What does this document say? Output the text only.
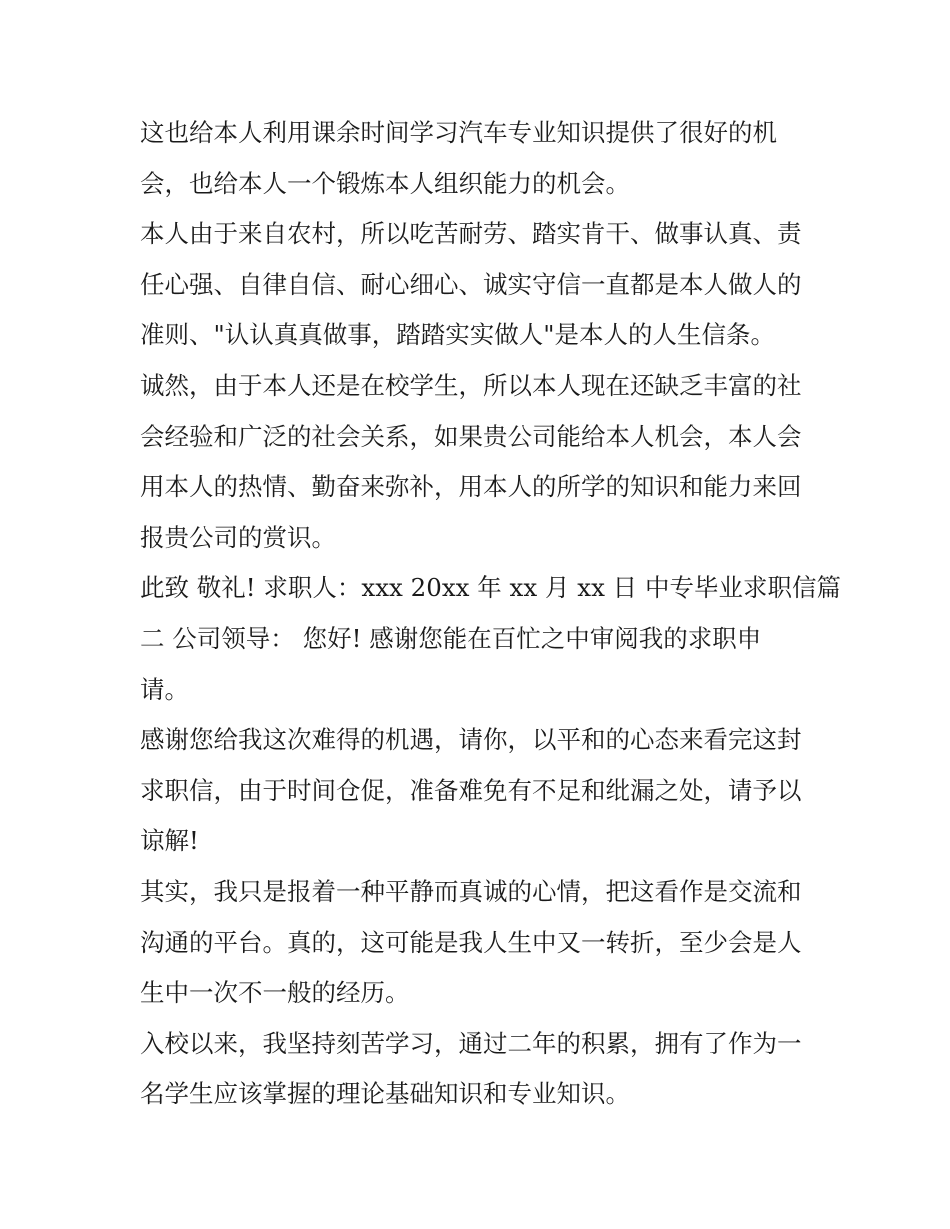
这也给本人利用课余时间学习汽车专业知识提供了很好的机
会，也给本人一个锻炼本人组织能力的机会。
本人由于来自农村，所以吃苦耐劳、踏实肯干、做事认真、责
任心强、自律自信、耐心细心、诚实守信一直都是本人做人的
准则、"认认真真做事，踏踏实实做人"是本人的人生信条。
诚然，由于本人还是在校学生，所以本人现在还缺乏丰富的社
会经验和广泛的社会关系，如果贵公司能给本人机会，本人会
用本人的热情、勤奋来弥补，用本人的所学的知识和能力来回
报贵公司的赏识。
此致 敬礼! 求职人：xxx 20xx 年 xx 月 xx 日 中专毕业求职信篇
二 公司领导： 您好! 感谢您能在百忙之中审阅我的求职申
请。
感谢您给我这次难得的机遇，请你，以平和的心态来看完这封
求职信，由于时间仓促，准备难免有不足和纰漏之处，请予以
谅解!
其实，我只是报着一种平静而真诚的心情，把这看作是交流和
沟通的平台。真的，这可能是我人生中又一转折，至少会是人
生中一次不一般的经历。
入校以来，我坚持刻苦学习，通过二年的积累，拥有了作为一
名学生应该掌握的理论基础知识和专业知识。
